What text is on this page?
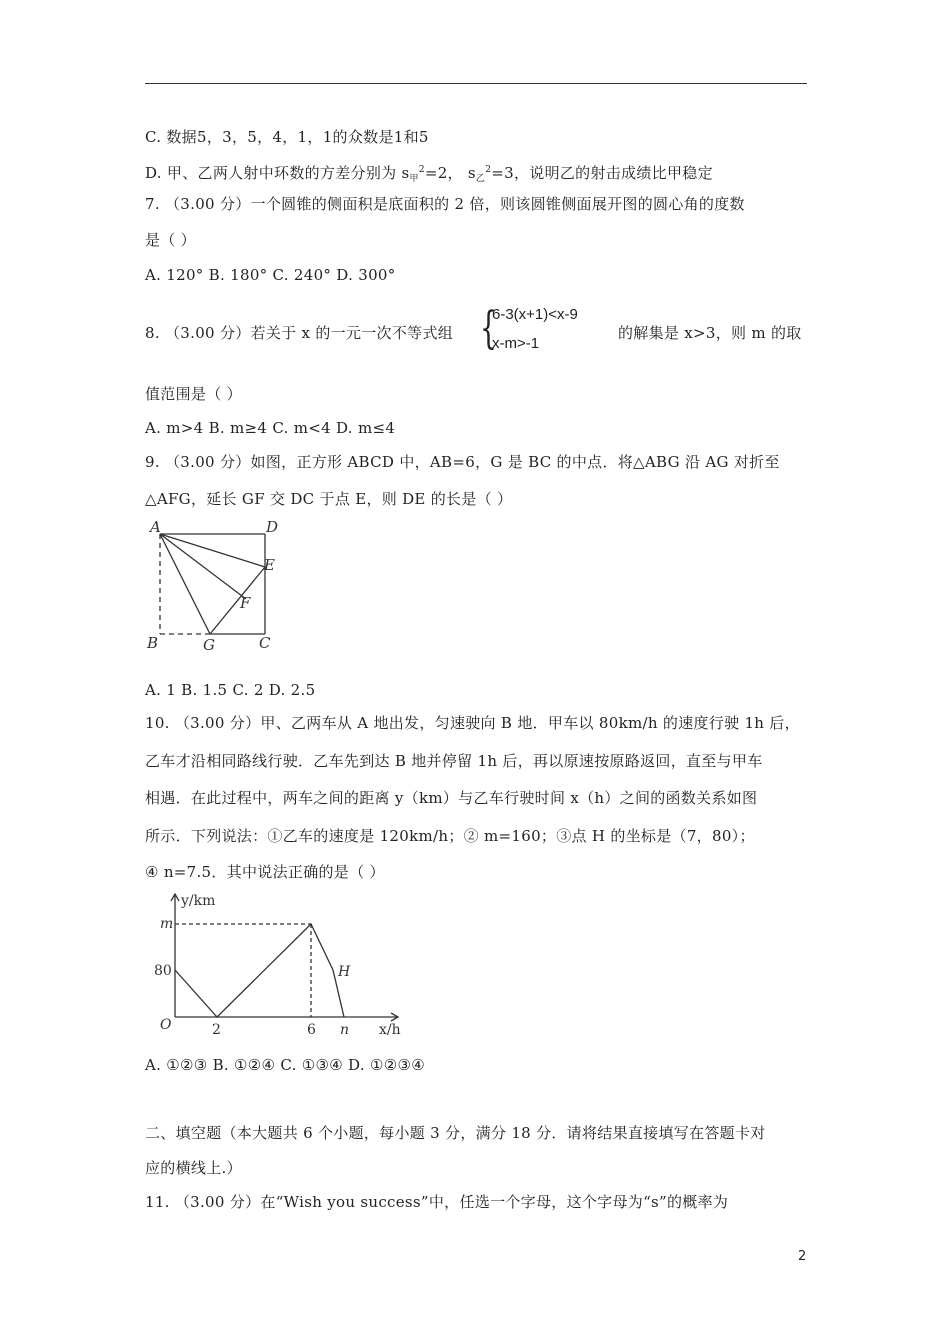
C. 数据5，3，5，4，1，1的众数是1和5
D. 甲、乙两人射中环数的方差分别为 $s_甲^2=2$， $s_乙^2=3$，说明乙的射击成绩比甲稳定
7. （3.00 分）一个圆锥的侧面积是底面积的 2 倍，则该圆锥侧面展开图的圆心角的度数
是（ ）
A. 120° B. 180° C. 240° D. 300°
8. （3.00 分）若关于 x 的一元一次不等式组 {
6-3(x+1)<x-9
x-m>-1
的解集是 x>3，则 m 的取
值范围是（ ）
A. m>4 B. m≥4 C. m<4 D. m≤4
9. （3.00 分）如图，正方形 ABCD 中，AB=6，G 是 BC 的中点．将△ABG 沿 AG 对折至
△AFG，延长 GF 交 DC 于点 E，则 DE 的长是（ ）
A	D
E
F
B	G	C
A. 1 B. 1.5 C. 2 D. 2.5
10. （3.00 分）甲、乙两车从 A 地出发，匀速驶向 B 地．甲车以 80km/h 的速度行驶 1h 后，
乙车才沿相同路线行驶．乙车先到达 B 地并停留 1h 后，再以原速按原路返回，直至与甲车
相遇．在此过程中，两车之间的距离 y（km）与乙车行驶时间 x（h）之间的函数关系如图
所示．下列说法：①乙车的速度是 120km/h；② m=160；③点 H 的坐标是（7，80）；
④ n=7.5．其中说法正确的是（ ）
y/km
m
80
O	2	6 n
H
x/h
A. ①②③ B. ①②④ C. ①③④ D. ①②③④
二、填空题（本大题共 6 个小题，每小题 3 分，满分 18 分．请将结果直接填写在答题卡对
应的横线上.）
11. （3.00 分）在“Wish you success”中，任选一个字母，这个字母为“s”的概率为
2
